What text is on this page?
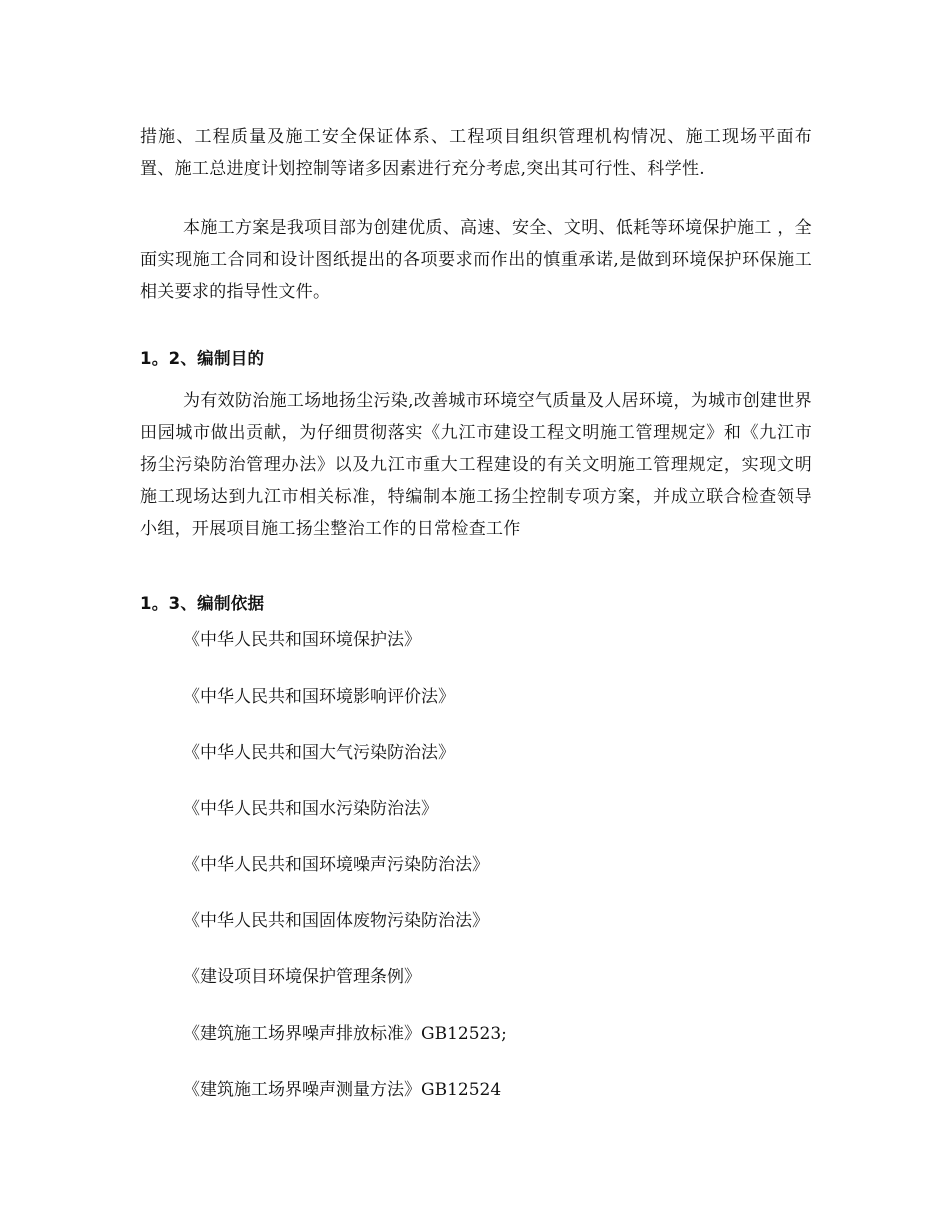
措施、工程质量及施工安全保证体系、工程项目组织管理机构情况、施工现场平面布置、施工总进度计划控制等诸多因素进行充分考虑,突出其可行性、科学性.

本施工方案是我项目部为创建优质、高速、安全、文明、低耗等环境保护施工 ，全面实现施工合同和设计图纸提出的各项要求而作出的慎重承诺,是做到环境保护环保施工相关要求的指导性文件。

1。2、编制目的

为有效防治施工场地扬尘污染,改善城市环境空气质量及人居环境，为城市创建世界田园城市做出贡献，为仔细贯彻落实《九江市建设工程文明施工管理规定》和《九江市扬尘污染防治管理办法》以及九江市重大工程建设的有关文明施工管理规定，实现文明施工现场达到九江市相关标准，特编制本施工扬尘控制专项方案，并成立联合检查领导小组，开展项目施工扬尘整治工作的日常检查工作

1。3、编制依据

《中华人民共和国环境保护法》

《中华人民共和国环境影响评价法》

《中华人民共和国大气污染防治法》

《中华人民共和国水污染防治法》

《中华人民共和国环境噪声污染防治法》

《中华人民共和国固体废物污染防治法》

《建设项目环境保护管理条例》

《建筑施工场界噪声排放标准》GB12523;

《建筑施工场界噪声测量方法》GB12524
